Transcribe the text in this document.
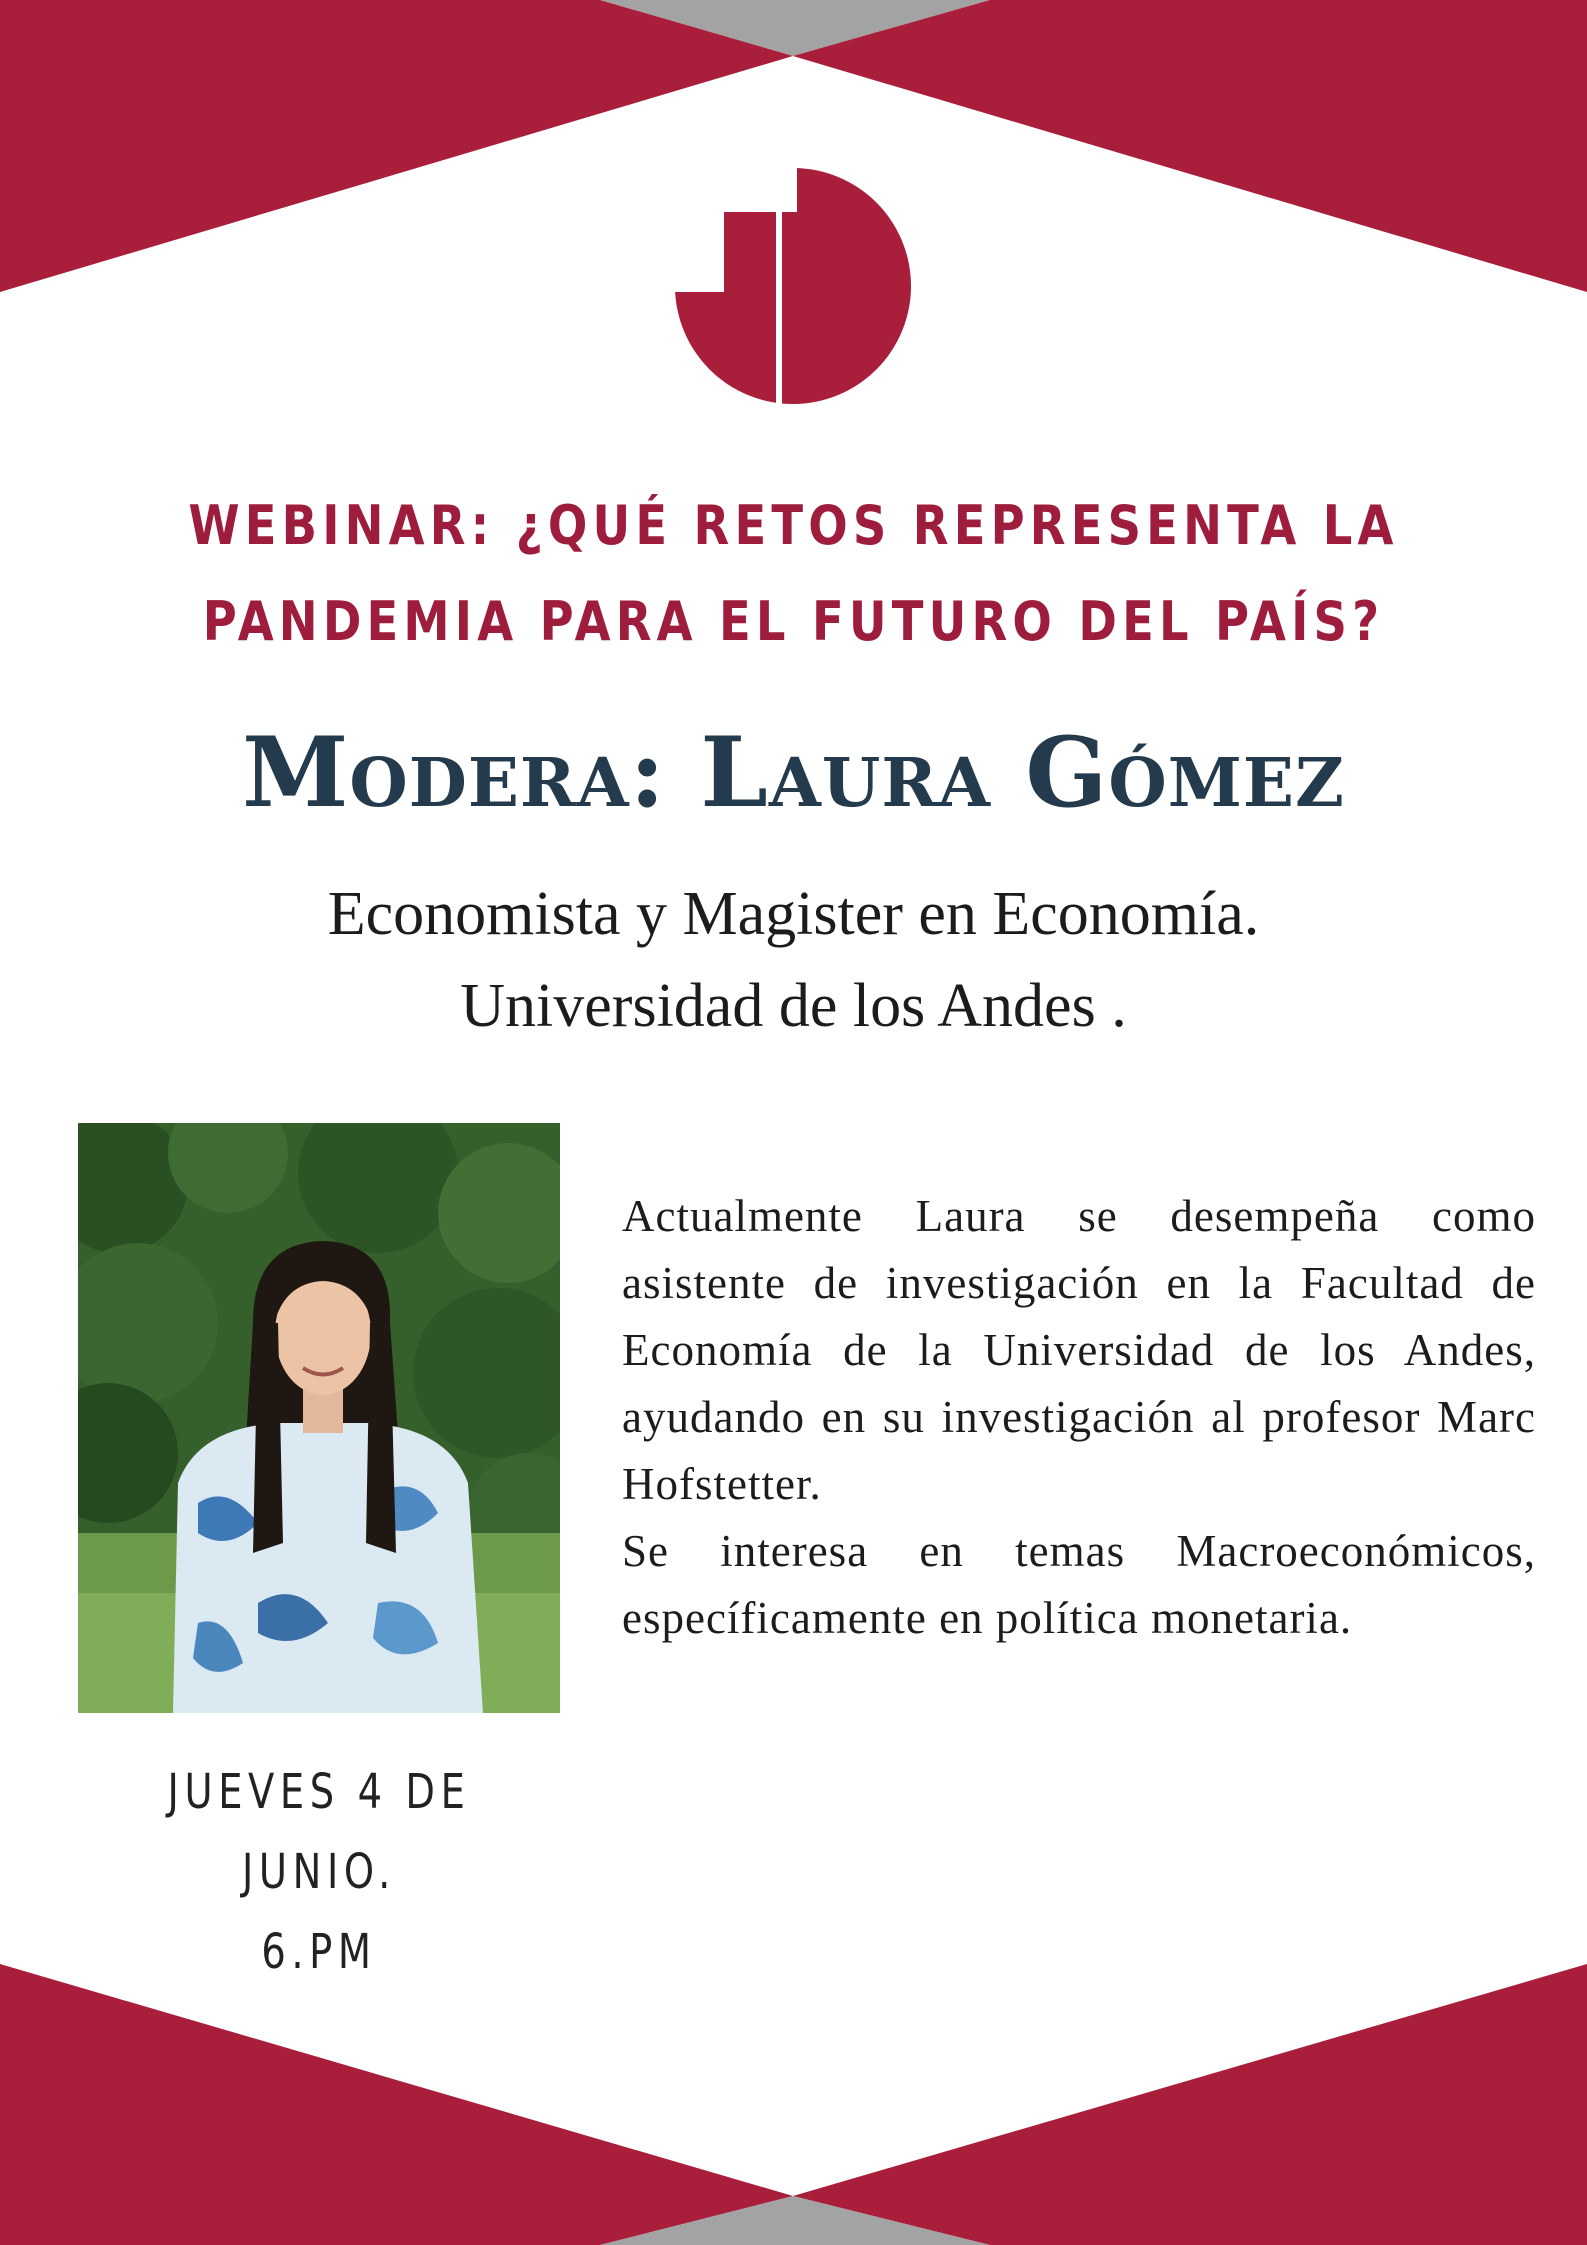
WEBINAR: ¿QUÉ RETOS REPRESENTA LA
PANDEMIA PARA EL FUTURO DEL PAÍS?
Modera: Laura Gómez
Economista y Magister en Economía.
Universidad de los Andes .

Actualmente Laura se desempeña como asistente de investigación en la Facultad de Economía de la Universidad de los Andes, ayudando en su investigación al profesor Marc Hofstetter.

Se interesa en temas Macroeconómicos, específicamente en política monetaria.

JUEVES 4 DE JUNIO.
6.PM
